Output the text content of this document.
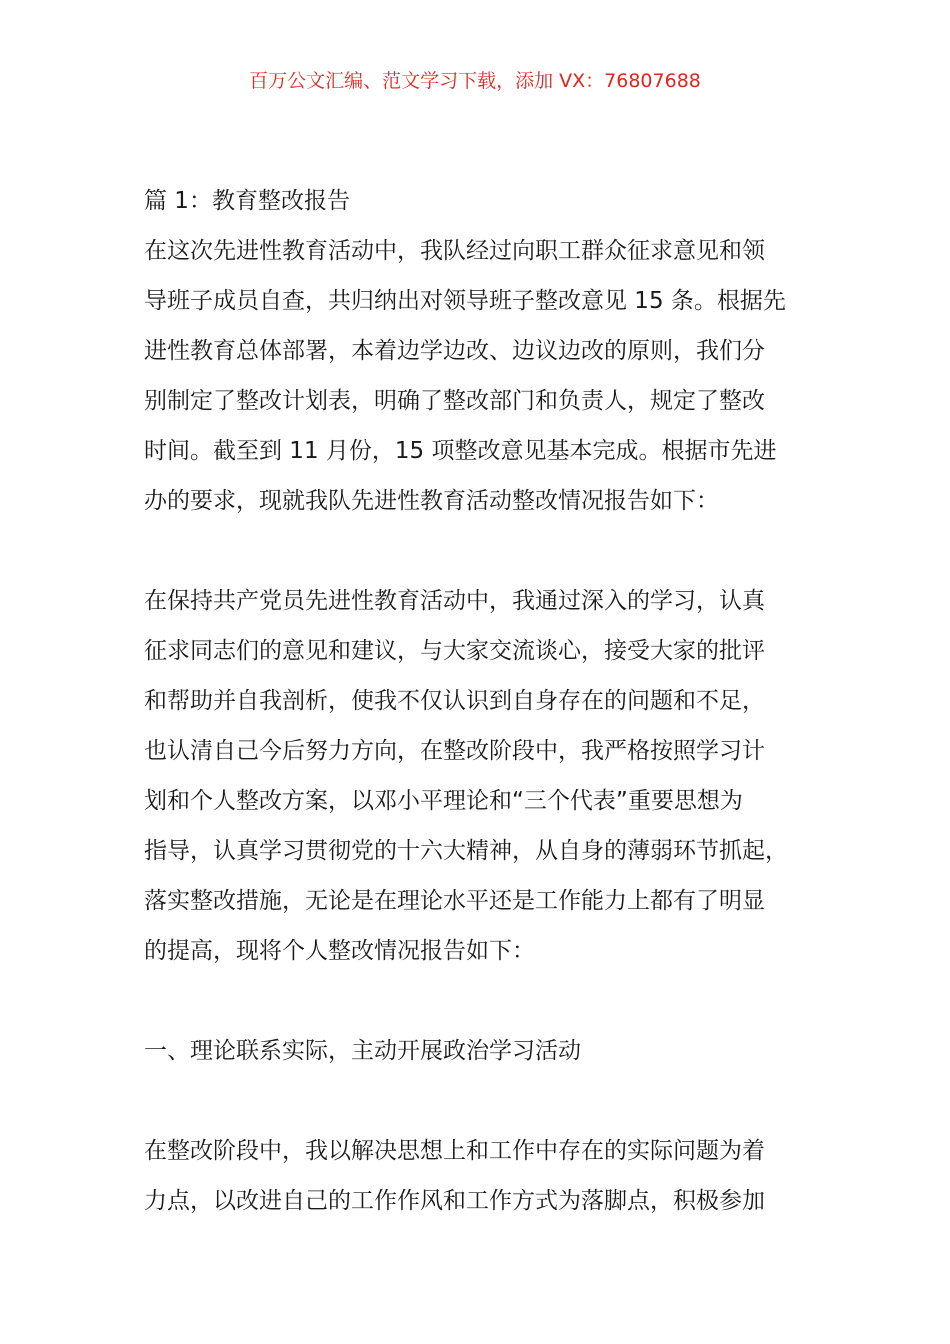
百万公文汇编、范文学习下载，添加 VX：76807688
篇 1：教育整改报告
在这次先进性教育活动中，我队经过向职工群众征求意见和领
导班子成员自查，共归纳出对领导班子整改意见 15 条。根据先
进性教育总体部署，本着边学边改、边议边改的原则，我们分
别制定了整改计划表，明确了整改部门和负责人，规定了整改
时间。截至到 11 月份，15 项整改意见基本完成。根据市先进
办的要求，现就我队先进性教育活动整改情况报告如下：
在保持共产党员先进性教育活动中，我通过深入的学习，认真
征求同志们的意见和建议，与大家交流谈心，接受大家的批评
和帮助并自我剖析，使我不仅认识到自身存在的问题和不足，
也认清自己今后努力方向，在整改阶段中，我严格按照学习计
划和个人整改方案，以邓小平理论和“三个代表”重要思想为
指导，认真学习贯彻党的十六大精神，从自身的薄弱环节抓起，
落实整改措施，无论是在理论水平还是工作能力上都有了明显
的提高，现将个人整改情况报告如下：
一、理论联系实际，主动开展政治学习活动
在整改阶段中，我以解决思想上和工作中存在的实际问题为着
力点，以改进自己的工作作风和工作方式为落脚点，积极参加
